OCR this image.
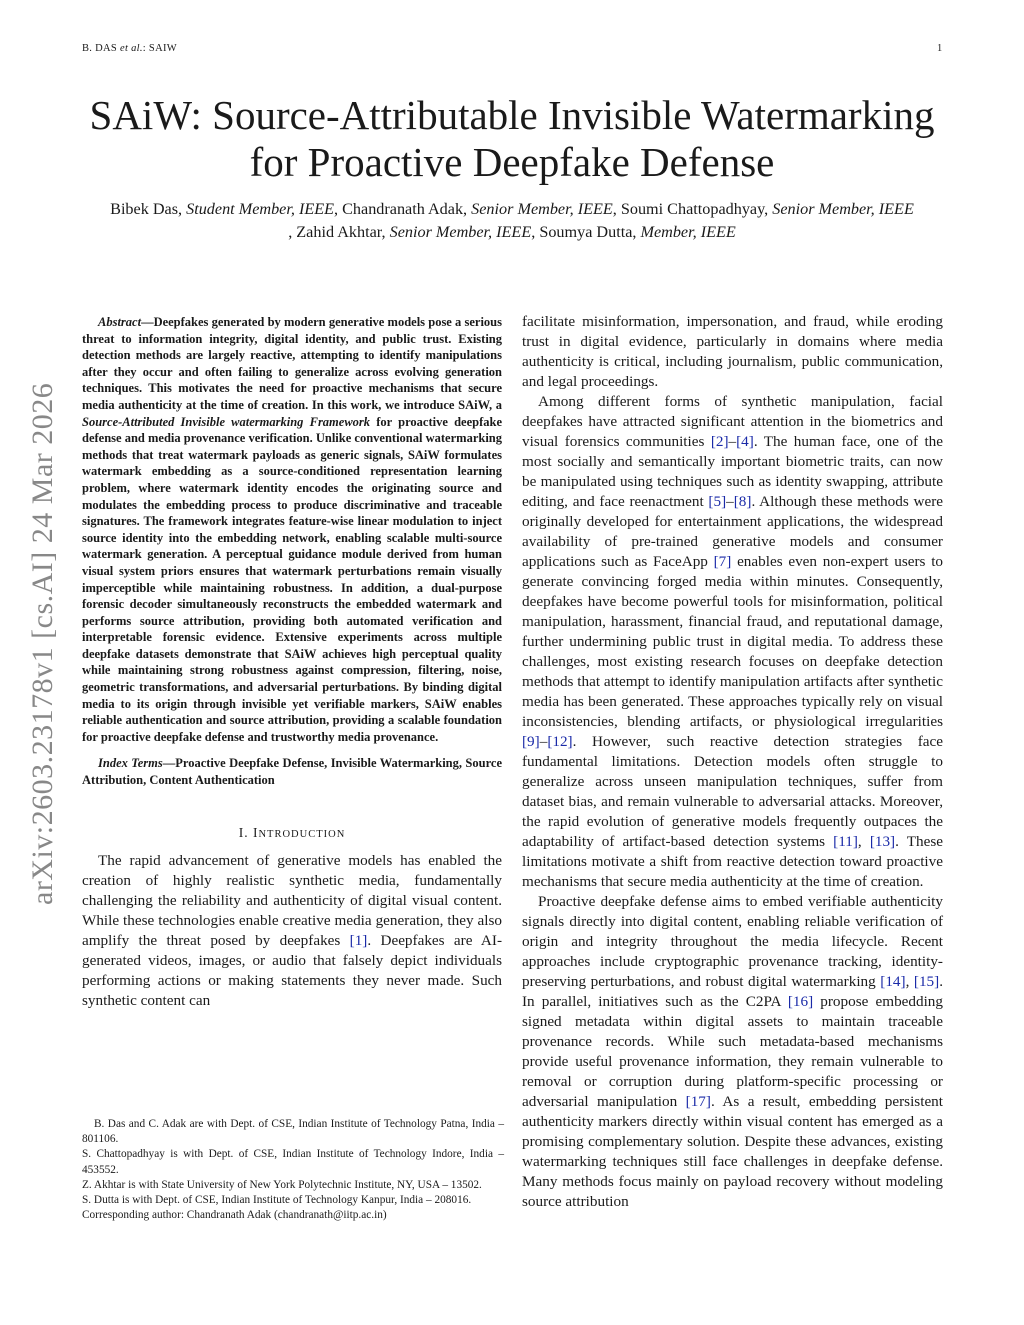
B. DAS et al.: SAIW	1
SAiW: Source-Attributable Invisible Watermarking
for Proactive Deepfake Defense
Bibek Das, Student Member, IEEE, Chandranath Adak, Senior Member, IEEE, Soumi Chattopadhyay, Senior Member, IEEE
, Zahid Akhtar, Senior Member, IEEE, Soumya Dutta, Member, IEEE
arXiv:2603.23178v1 [cs.AI] 24 Mar 2026

Abstract—Deepfakes generated by modern generative models pose a serious threat to information integrity, digital identity, and public trust. Existing detection methods are largely reactive, attempting to identify manipulations after they occur and often failing to generalize across evolving generation techniques. This motivates the need for proactive mechanisms that secure media authenticity at the time of creation. In this work, we introduce SAiW, a Source-Attributed Invisible watermarking Framework for proactive deepfake defense and media provenance verification. Unlike conventional watermarking methods that treat watermark payloads as generic signals, SAiW formulates watermark embedding as a source-conditioned representation learning problem, where watermark identity encodes the originating source and modulates the embedding process to produce discriminative and traceable signatures. The framework integrates feature-wise linear modulation to inject source identity into the embedding network, enabling scalable multi-source watermark generation. A perceptual guidance module derived from human visual system priors ensures that watermark perturbations remain visually imperceptible while maintaining robustness. In addition, a dual-purpose forensic decoder simultaneously reconstructs the embedded watermark and performs source attribution, providing both automated verification and interpretable forensic evidence. Extensive experiments across multiple deepfake datasets demonstrate that SAiW achieves high perceptual quality while maintaining strong robustness against compression, filtering, noise, geometric transformations, and adversarial perturbations. By binding digital media to its origin through invisible yet verifiable markers, SAiW enables reliable authentication and source attribution, providing a scalable foundation for proactive deepfake defense and trustworthy media provenance.

Index Terms—Proactive Deepfake Defense, Invisible Watermarking, Source Attribution, Content Authentication

I. INTRODUCTION

The rapid advancement of generative models has enabled the creation of highly realistic synthetic media, fundamentally challenging the reliability and authenticity of digital visual content. While these technologies enable creative media generation, they also amplify the threat posed by deepfakes [1]. Deepfakes are AI-generated videos, images, or audio that falsely depict individuals performing actions or making statements they never made. Such synthetic content can

B. Das and C. Adak are with Dept. of CSE, Indian Institute of Technology Patna, India – 801106.

S. Chattopadhyay is with Dept. of CSE, Indian Institute of Technology Indore, India – 453552.

Z. Akhtar is with State University of New York Polytechnic Institute, NY, USA – 13502.

S. Dutta is with Dept. of CSE, Indian Institute of Technology Kanpur, India – 208016.

Corresponding author: Chandranath Adak (chandranath@iitp.ac.in)

facilitate misinformation, impersonation, and fraud, while eroding trust in digital evidence, particularly in domains where media authenticity is critical, including journalism, public communication, and legal proceedings.

Among different forms of synthetic manipulation, facial deepfakes have attracted significant attention in the biometrics and visual forensics communities [2]–[4]. The human face, one of the most socially and semantically important biometric traits, can now be manipulated using techniques such as identity swapping, attribute editing, and face reenactment [5]–[8]. Although these methods were originally developed for entertainment applications, the widespread availability of pre-trained generative models and consumer applications such as FaceApp [7] enables even non-expert users to generate convincing forged media within minutes. Consequently, deepfakes have become powerful tools for misinformation, political manipulation, harassment, financial fraud, and reputational damage, further undermining public trust in digital media. To address these challenges, most existing research focuses on deepfake detection methods that attempt to identify manipulation artifacts after synthetic media has been generated. These approaches typically rely on visual inconsistencies, blending artifacts, or physiological irregularities [9]–[12]. However, such reactive detection strategies face fundamental limitations. Detection models often struggle to generalize across unseen manipulation techniques, suffer from dataset bias, and remain vulnerable to adversarial attacks. Moreover, the rapid evolution of generative models frequently outpaces the adaptability of artifact-based detection systems [11], [13]. These limitations motivate a shift from reactive detection toward proactive mechanisms that secure media authenticity at the time of creation.

Proactive deepfake defense aims to embed verifiable authenticity signals directly into digital content, enabling reliable verification of origin and integrity throughout the media lifecycle. Recent approaches include cryptographic provenance tracking, identity-preserving perturbations, and robust digital watermarking [14], [15]. In parallel, initiatives such as the C2PA [16] propose embedding signed metadata within digital assets to maintain traceable provenance records. While such metadata-based mechanisms provide useful provenance information, they remain vulnerable to removal or corruption during platform-specific processing or adversarial manipulation [17]. As a result, embedding persistent authenticity markers directly within visual content has emerged as a promising complementary solution. Despite these advances, existing watermarking techniques still face challenges in deepfake defense. Many methods focus mainly on payload recovery without modeling source attribution
